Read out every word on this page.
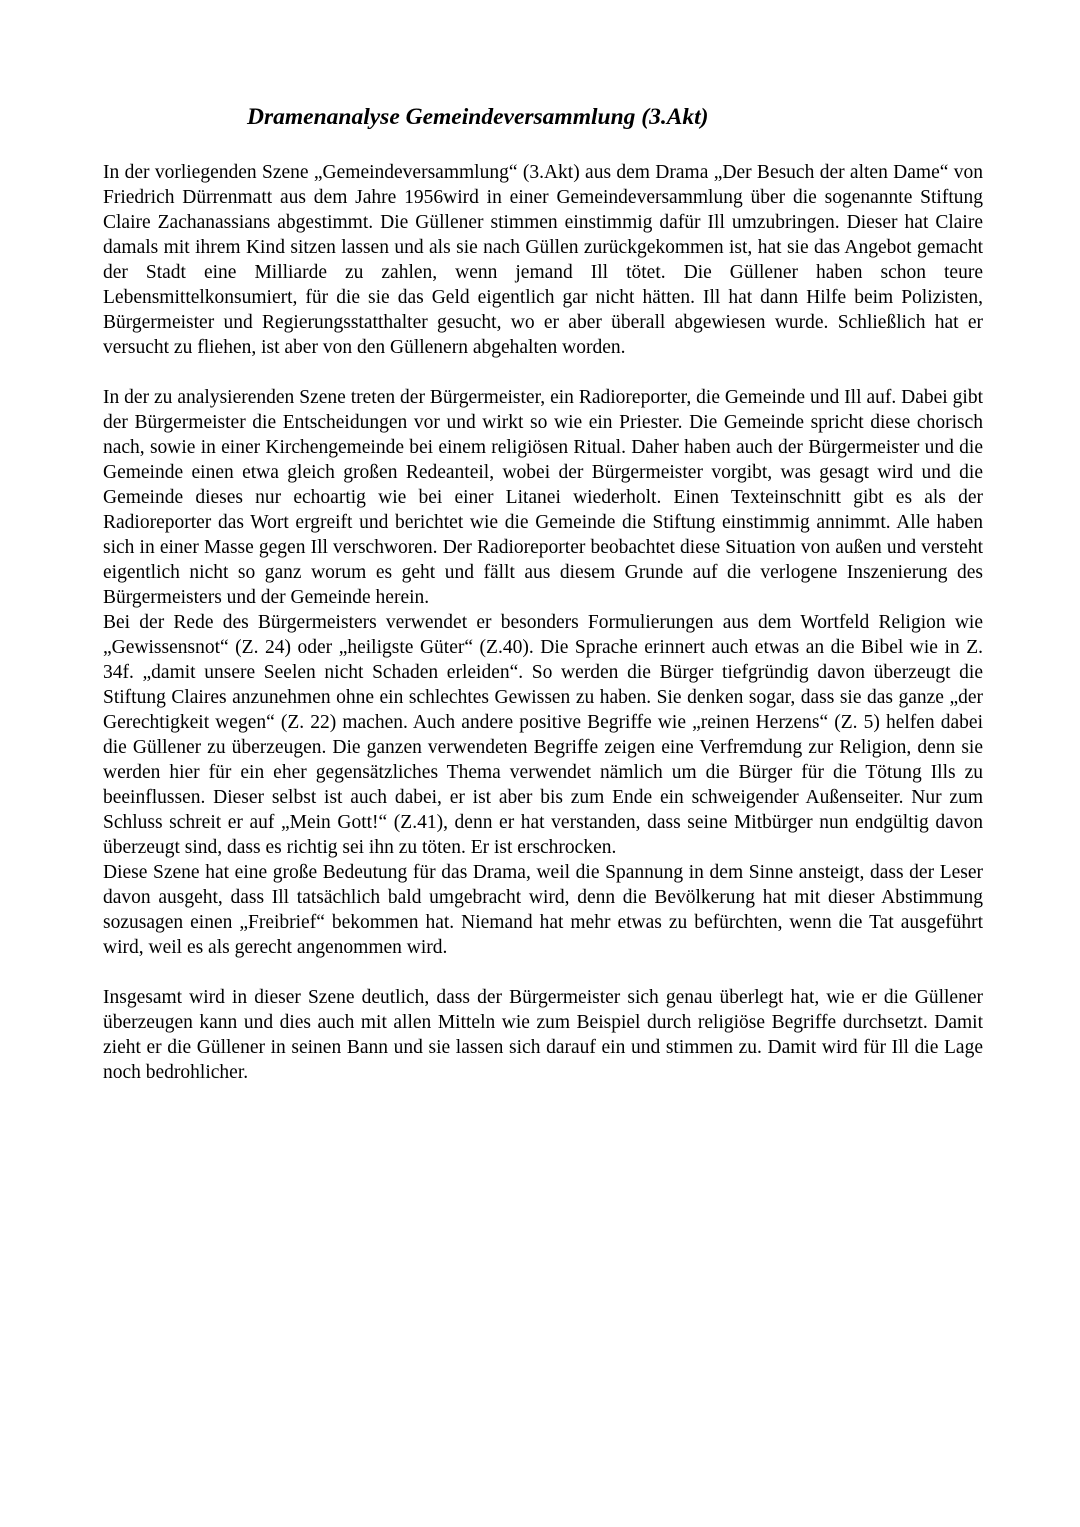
Dramenanalyse Gemeindeversammlung (3.Akt)

In der vorliegenden Szene „Gemeindeversammlung“ (3.Akt) aus dem Drama „Der Besuch der alten Dame“ von Friedrich Dürrenmatt aus dem Jahre 1956wird in einer Gemeindeversammlung über die sogenannte Stiftung Claire Zachanassians abgestimmt. Die Güllener stimmen einstimmig dafür Ill umzubringen. Dieser hat Claire damals mit ihrem Kind sitzen lassen und als sie nach Güllen zurückgekommen ist, hat sie das Angebot gemacht der Stadt eine Milliarde zu zahlen, wenn jemand Ill tötet. Die Güllener haben schon teure Lebensmittelkonsumiert, für die sie das Geld eigentlich gar nicht hätten. Ill hat dann Hilfe beim Polizisten, Bürgermeister und Regierungsstatthalter gesucht, wo er aber überall abgewiesen wurde. Schließlich hat er versucht zu fliehen, ist aber von den Güllenern abgehalten worden.

In der zu analysierenden Szene treten der Bürgermeister, ein Radioreporter, die Gemeinde und Ill auf. Dabei gibt der Bürgermeister die Entscheidungen vor und wirkt so wie ein Priester. Die Gemeinde spricht diese chorisch nach, sowie in einer Kirchengemeinde bei einem religiösen Ritual. Daher haben auch der Bürgermeister und die Gemeinde einen etwa gleich großen Redeanteil, wobei der Bürgermeister vorgibt, was gesagt wird und die Gemeinde dieses nur echoartig wie bei einer Litanei wiederholt. Einen Texteinschnitt gibt es als der Radioreporter das Wort ergreift und berichtet wie die Gemeinde die Stiftung einstimmig annimmt. Alle haben sich in einer Masse gegen Ill verschworen. Der Radioreporter beobachtet diese Situation von außen und versteht eigentlich nicht so ganz worum es geht und fällt aus diesem Grunde auf die verlogene Inszenierung des Bürgermeisters und der Gemeinde herein.

Bei der Rede des Bürgermeisters verwendet er besonders Formulierungen aus dem Wortfeld Religion wie „Gewissensnot“ (Z. 24) oder „heiligste Güter“ (Z.40). Die Sprache erinnert auch etwas an die Bibel wie in Z. 34f. „damit unsere Seelen nicht Schaden erleiden“. So werden die Bürger tiefgründig davon überzeugt die Stiftung Claires anzunehmen ohne ein schlechtes Gewissen zu haben. Sie denken sogar, dass sie das ganze „der Gerechtigkeit wegen“ (Z. 22) machen. Auch andere positive Begriffe wie „reinen Herzens“ (Z. 5) helfen dabei die Güllener zu überzeugen. Die ganzen verwendeten Begriffe zeigen eine Verfremdung zur Religion, denn sie werden hier für ein eher gegensätzliches Thema verwendet nämlich um die Bürger für die Tötung Ills zu beeinflussen. Dieser selbst ist auch dabei, er ist aber bis zum Ende ein schweigender Außenseiter. Nur zum Schluss schreit er auf „Mein Gott!“ (Z.41), denn er hat verstanden, dass seine Mitbürger nun endgültig davon überzeugt sind, dass es richtig sei ihn zu töten. Er ist erschrocken.

Diese Szene hat eine große Bedeutung für das Drama, weil die Spannung in dem Sinne ansteigt, dass der Leser davon ausgeht, dass Ill tatsächlich bald umgebracht wird, denn die Bevölkerung hat mit dieser Abstimmung sozusagen einen „Freibrief“ bekommen hat. Niemand hat mehr etwas zu befürchten, wenn die Tat ausgeführt wird, weil es als gerecht angenommen wird.

Insgesamt wird in dieser Szene deutlich, dass der Bürgermeister sich genau überlegt hat, wie er die Güllener überzeugen kann und dies auch mit allen Mitteln wie zum Beispiel durch religiöse Begriffe durchsetzt. Damit zieht er die Güllener in seinen Bann und sie lassen sich darauf ein und stimmen zu. Damit wird für Ill die Lage noch bedrohlicher.
